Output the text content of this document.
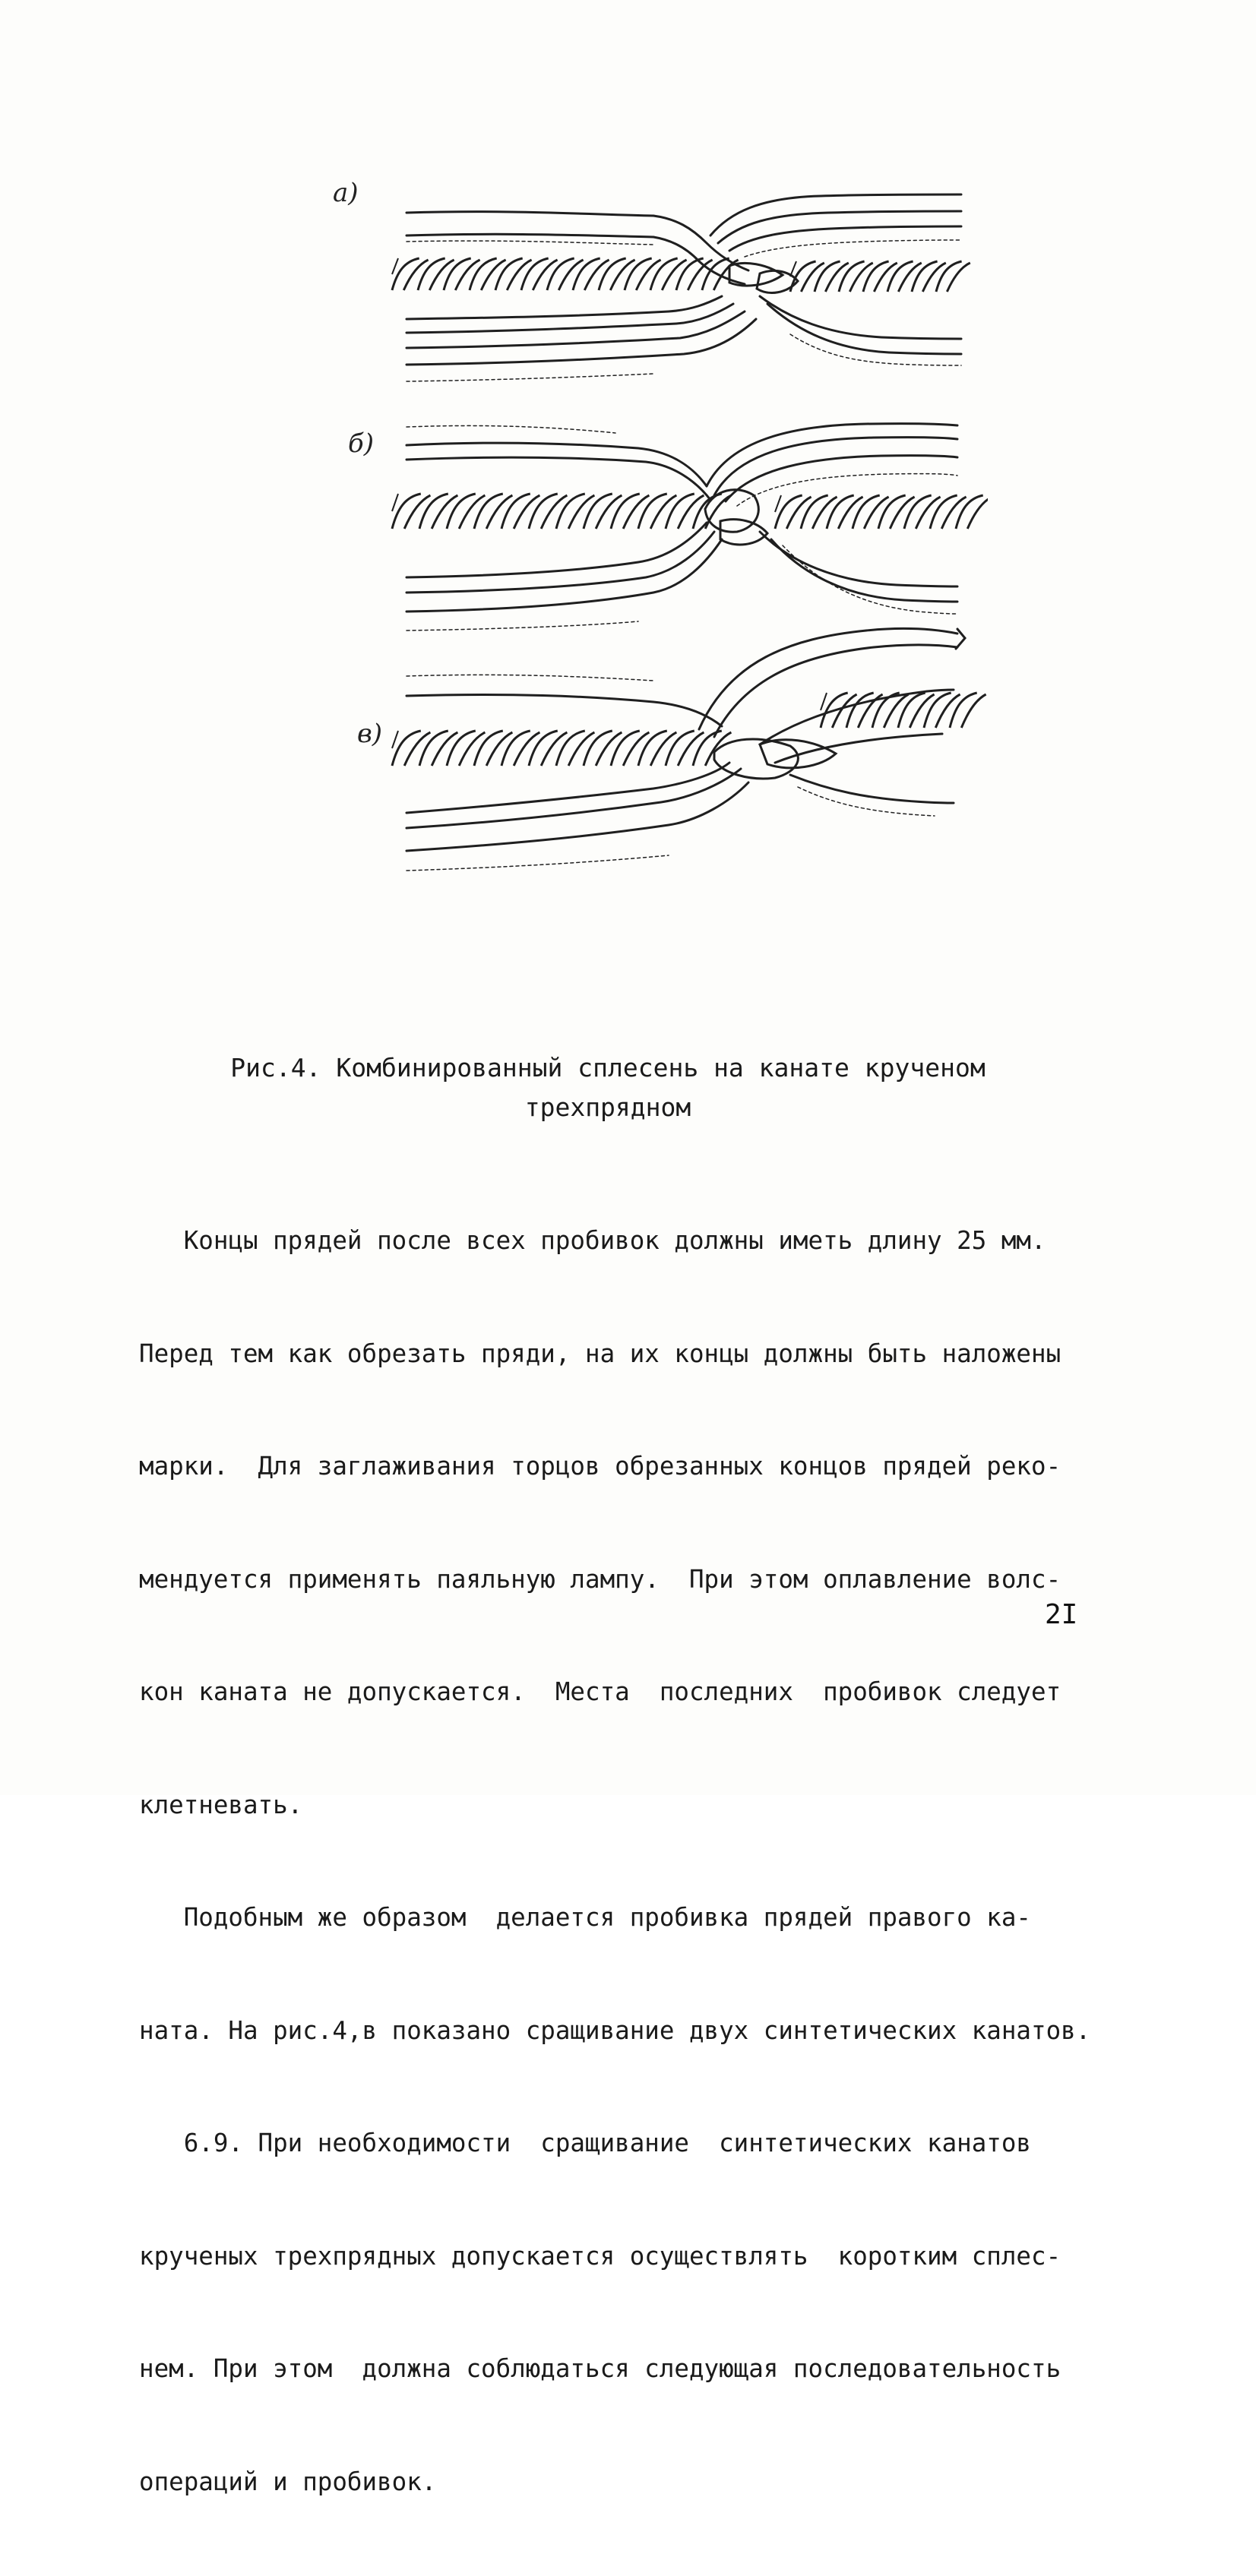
а)
б)
в)
Рис.4. Комбинированный сплесень на канате крученом
трехпрядном

Концы прядей после всех пробивок должны иметь длину 25 мм.

Перед тем как обрезать пряди, на их концы должны быть наложены

марки.  Для заглаживания торцов обрезанных концов прядей реко-

мендуется применять паяльную лампу.  При этом оплавление волс-

кон каната не допускается.  Места  последних  пробивок следует

клетневать.

Подобным же образом  делается пробивка прядей правого ка-

ната. На рис.4,в показано сращивание двух синтетических канатов.

6.9. При необходимости  сращивание  синтетических канатов

крученых трехпрядных допускается осуществлять  коротким сплес-

нем. При этом  должна соблюдаться следующая последовательность

операций и пробивок.

2I
